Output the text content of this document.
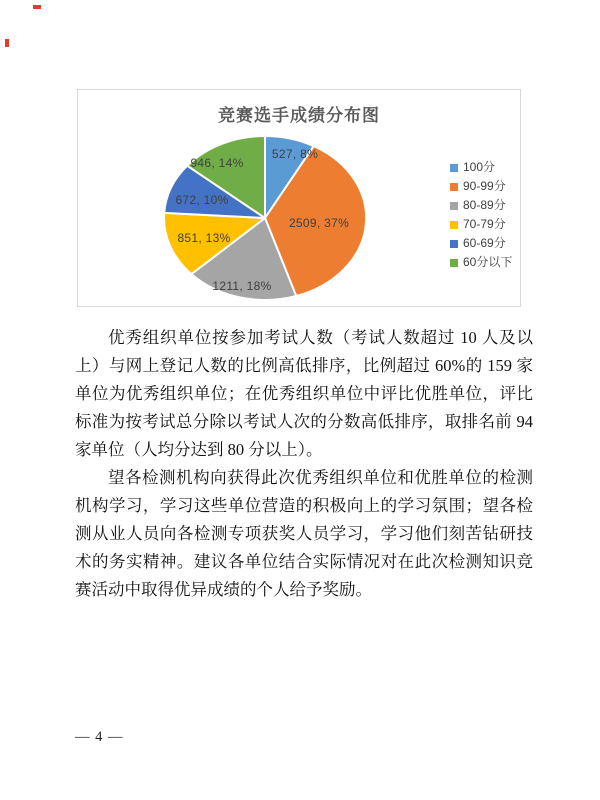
竞赛选手成绩分布图
527, 8%
2509, 37%
1211, 18%
851, 13%
672, 10%
946, 14%	100分
90-99分
80-89分
70-79分
60-69分
60分以下
优秀组织单位按参加考试人数（考试人数超过 10 人及以
上）与网上登记人数的比例高低排序，比例超过 60%的 159 家
单位为优秀组织单位；在优秀组织单位中评比优胜单位，评比
标准为按考试总分除以考试人次的分数高低排序，取排名前 94
家单位（人均分达到 80 分以上）。
望各检测机构向获得此次优秀组织单位和优胜单位的检测
机构学习，学习这些单位营造的积极向上的学习氛围；望各检
测从业人员向各检测专项获奖人员学习，学习他们刻苦钻研技
术的务实精神。建议各单位结合实际情况对在此次检测知识竞
赛活动中取得优异成绩的个人给予奖励。
— 4 —
